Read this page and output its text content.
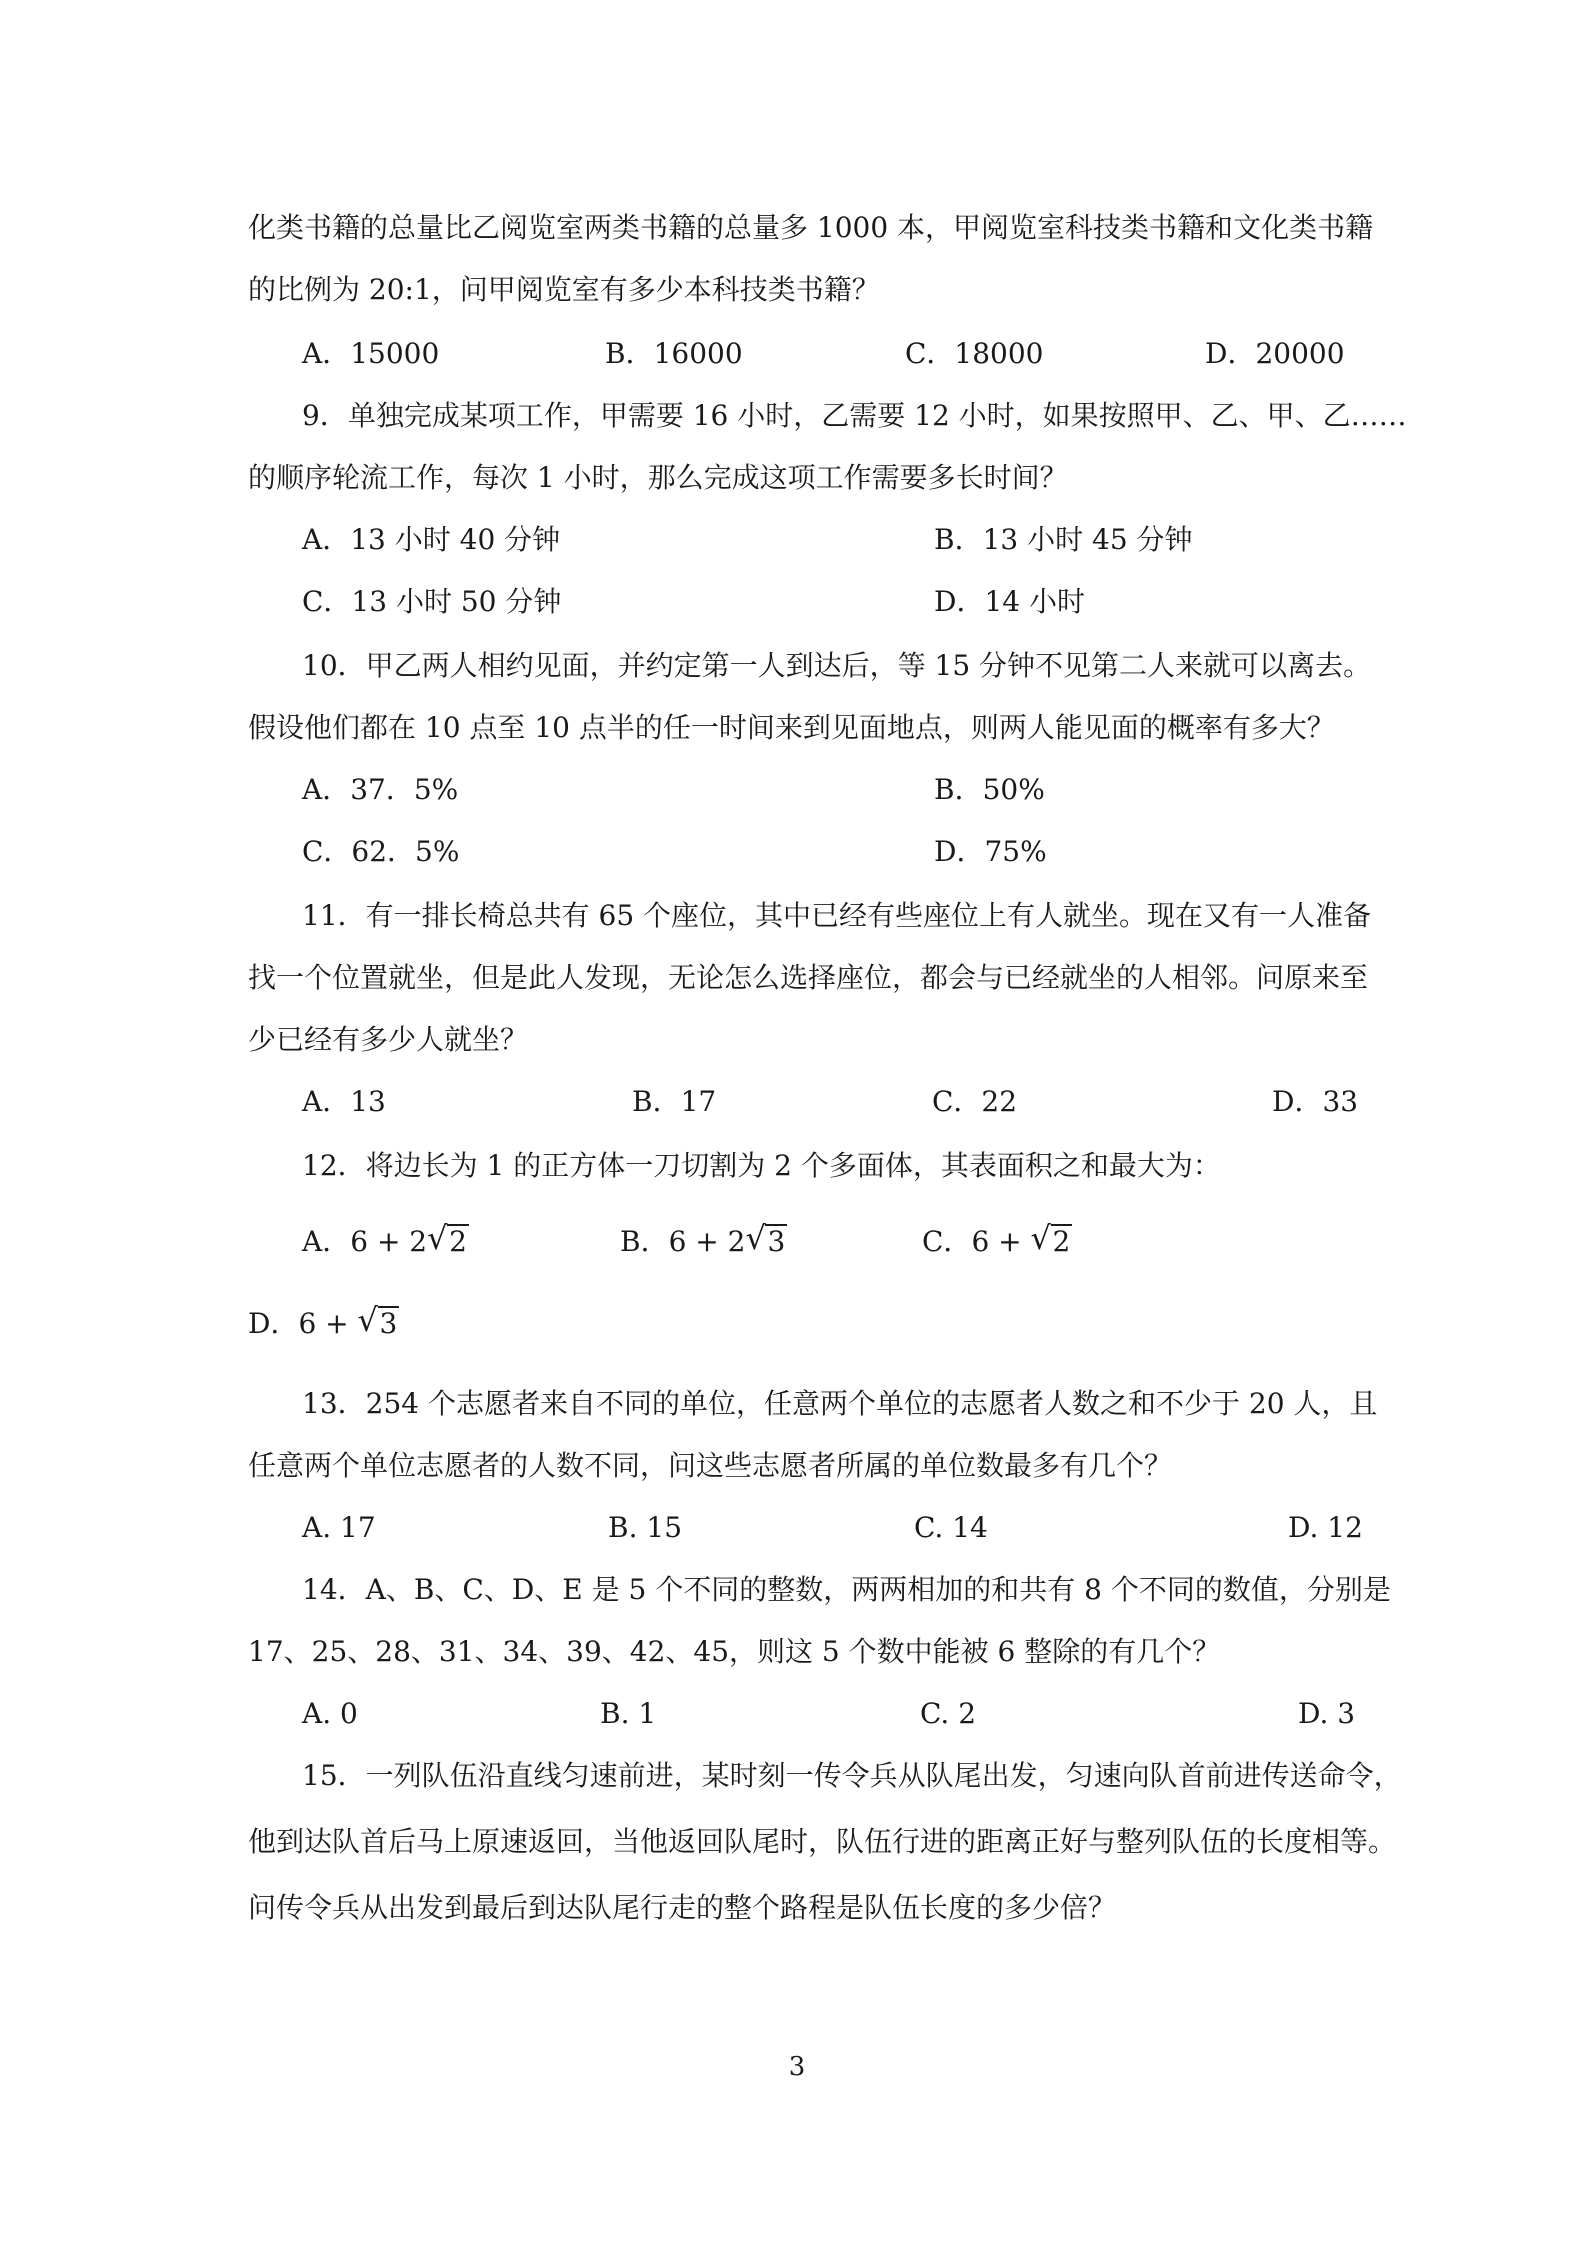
化类书籍的总量比乙阅览室两类书籍的总量多 1000 本，甲阅览室科技类书籍和文化类书籍
的比例为 20:1，问甲阅览室有多少本科技类书籍？
A．15000	B．16000	C．18000	D．20000
9．单独完成某项工作，甲需要 16 小时，乙需要 12 小时，如果按照甲、乙、甲、乙……
的顺序轮流工作，每次 1 小时，那么完成这项工作需要多长时间？
A．13 小时 40 分钟	B．13 小时 45 分钟
C．13 小时 50 分钟	D．14 小时
10．甲乙两人相约见面，并约定第一人到达后，等 15 分钟不见第二人来就可以离去。
假设他们都在 10 点至 10 点半的任一时间来到见面地点，则两人能见面的概率有多大？
A．37．5%	B．50%
C．62．5%	D．75%
11．有一排长椅总共有 65 个座位，其中已经有些座位上有人就坐。现在又有一人准备
找一个位置就坐，但是此人发现，无论怎么选择座位，都会与已经就坐的人相邻。问原来至
少已经有多少人就坐？
A．13	B．17	C．22	D．33
12．将边长为 1 的正方体一刀切割为 2 个多面体，其表面积之和最大为：
A．6 + 2 √ 2	B．6 + 2 √ 3	C．6 + √ 2
D．6 + √ 3
13．254 个志愿者来自不同的单位，任意两个单位的志愿者人数之和不少于 20 人，且
任意两个单位志愿者的人数不同，问这些志愿者所属的单位数最多有几个？
A. 17	B. 15	C. 14	D. 12
14．A、B、C、D、E 是 5 个不同的整数，两两相加的和共有 8 个不同的数值，分别是
17、25、28、31、34、39、42、45，则这 5 个数中能被 6 整除的有几个？
A. 0	B. 1	C. 2	D. 3
15．一列队伍沿直线匀速前进，某时刻一传令兵从队尾出发，匀速向队首前进传送命令，
他到达队首后马上原速返回，当他返回队尾时，队伍行进的距离正好与整列队伍的长度相等。
问传令兵从出发到最后到达队尾行走的整个路程是队伍长度的多少倍？
3
